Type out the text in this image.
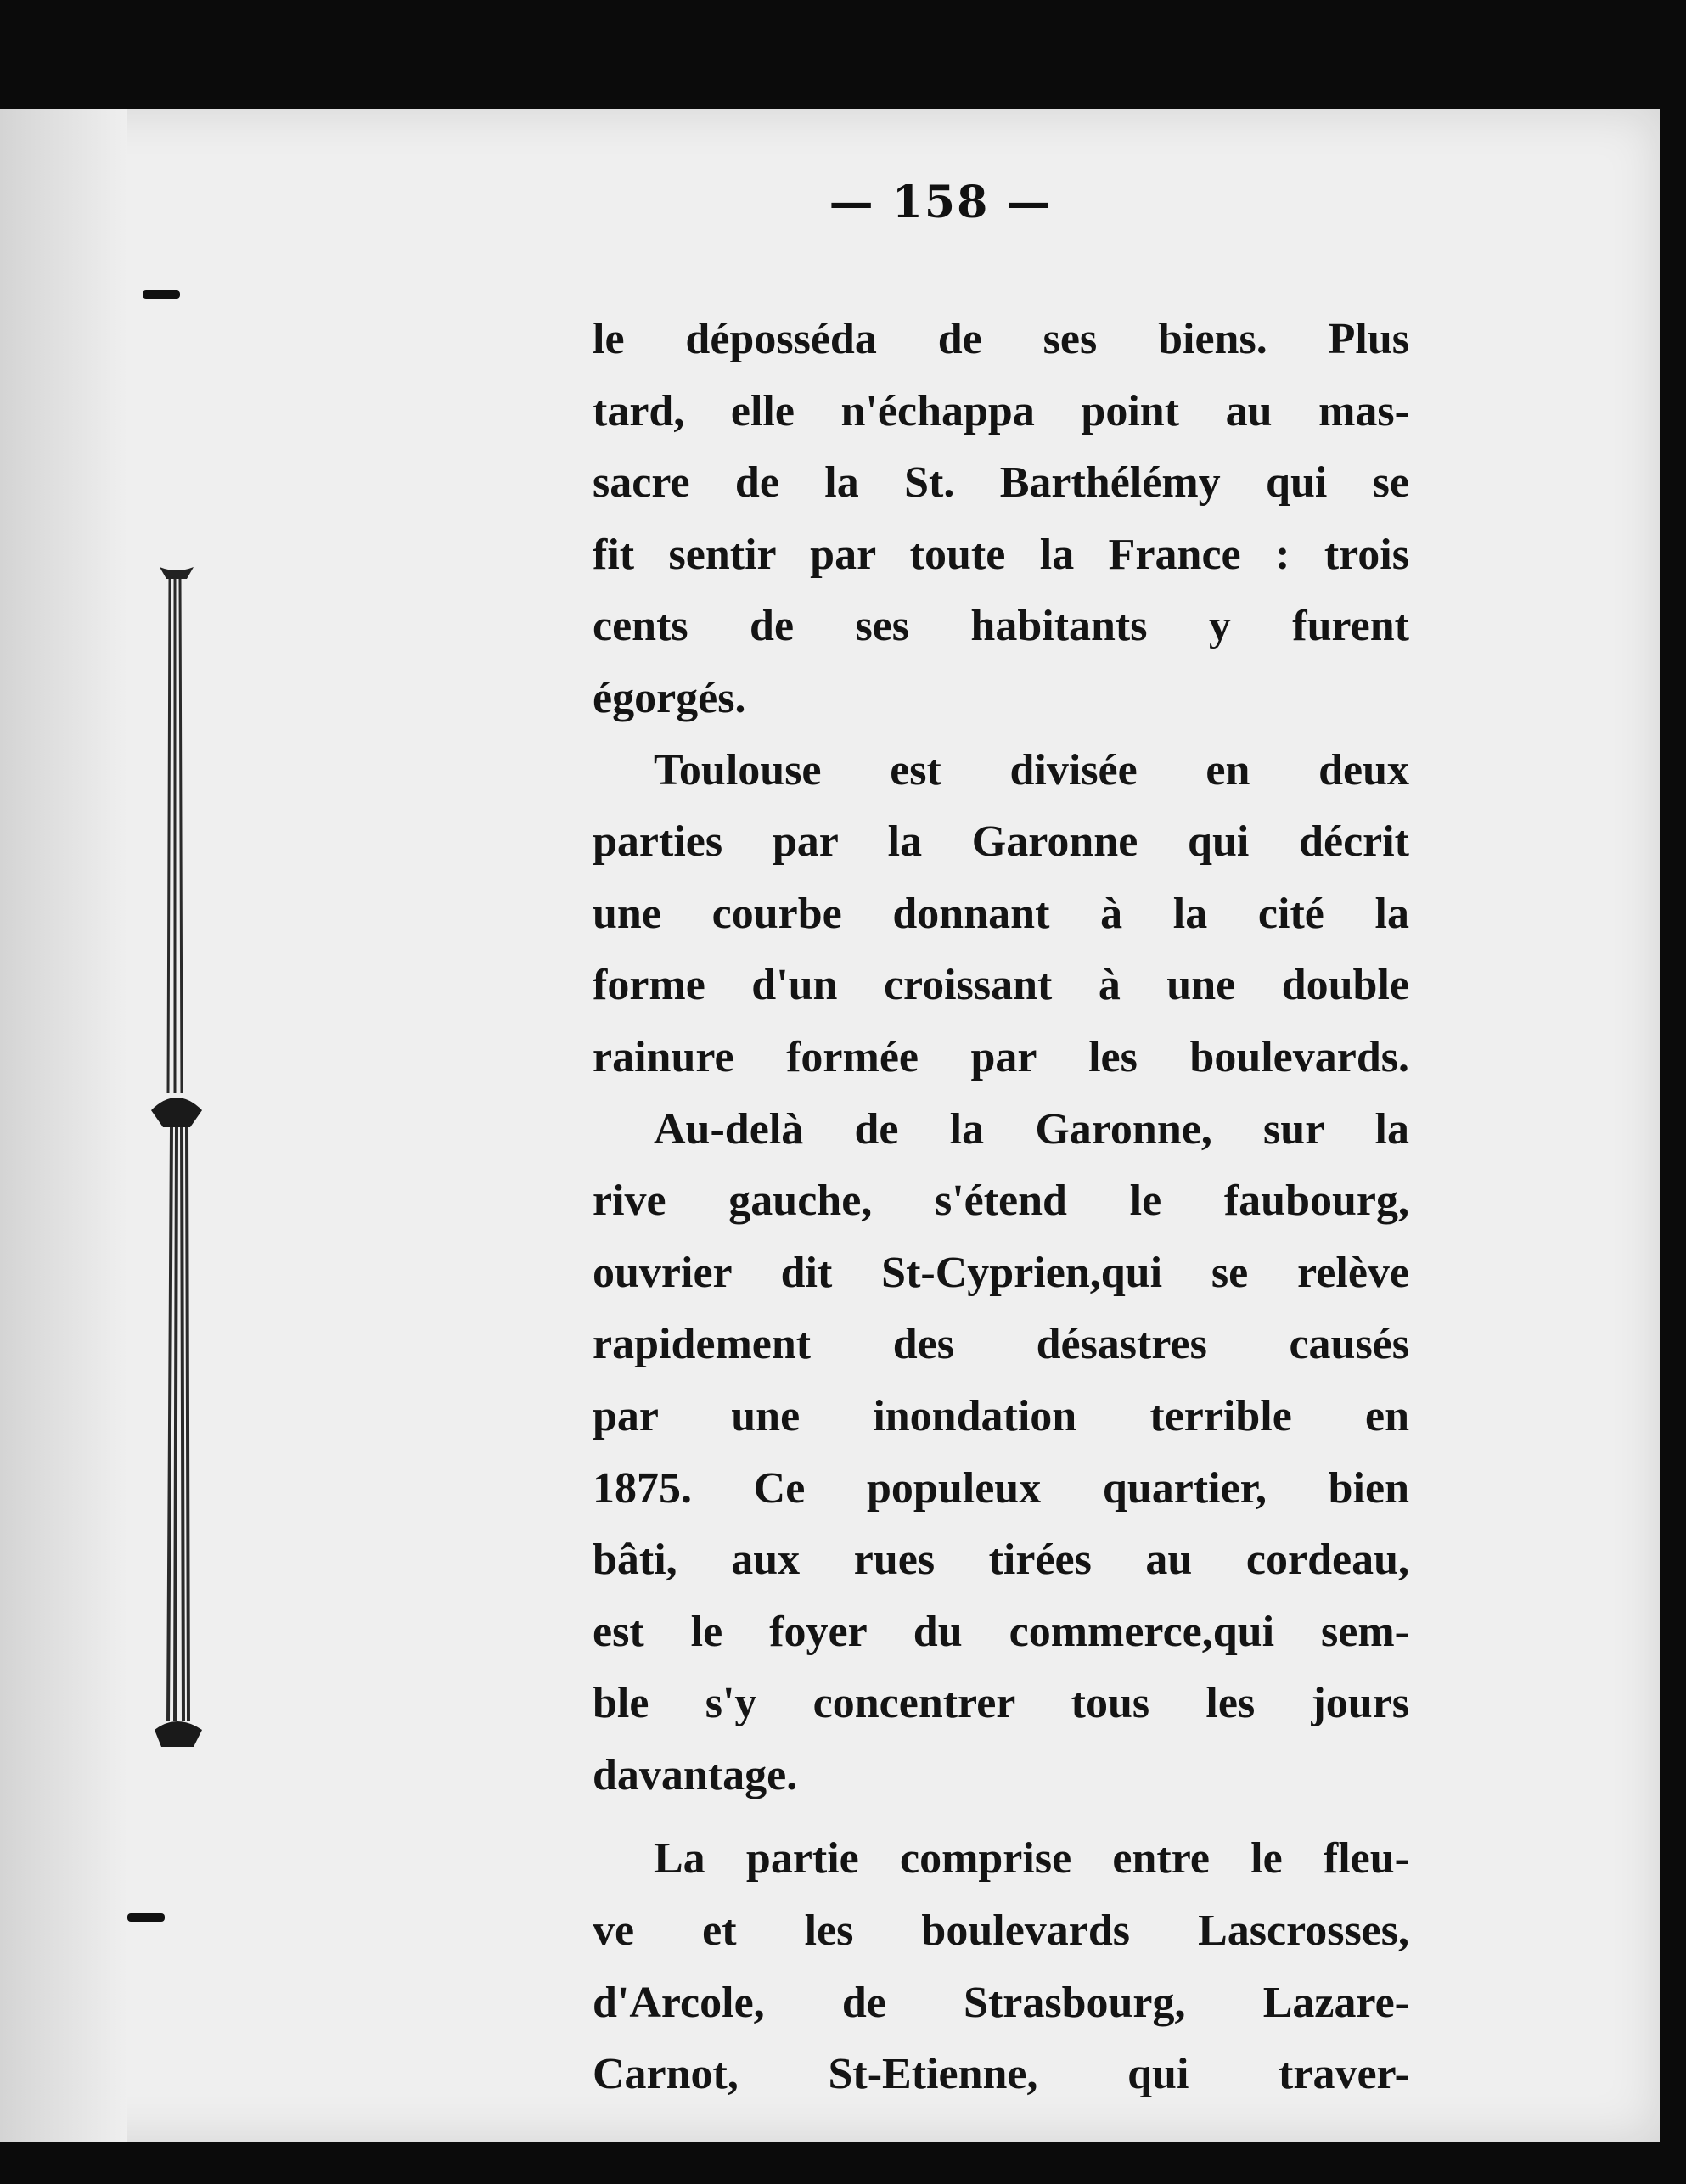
— 158 —

le déposséda de ses biens. Plus
tard, elle n'échappa point au mas-
sacre de la St. Barthélémy qui se
fit sentir par toute la France : trois
cents de ses habitants y furent
égorgés.

Toulouse est divisée en deux
parties par la Garonne qui décrit
une courbe donnant à la cité la
forme d'un croissant à une double
rainure formée par les boulevards.

Au-delà de la Garonne, sur la
rive gauche, s'étend le faubourg,
ouvrier dit St-Cyprien,qui se relève
rapidement des désastres causés
par une inondation terrible en
1875. Ce populeux quartier, bien
bâti, aux rues tirées au cordeau,
est le foyer du commerce,qui sem-
ble s'y concentrer tous les jours
davantage.

La partie comprise entre le fleu-
ve et les boulevards Lascrosses,
d'Arcole, de Strasbourg, Lazare-
Carnot, St-Etienne, qui traver-
